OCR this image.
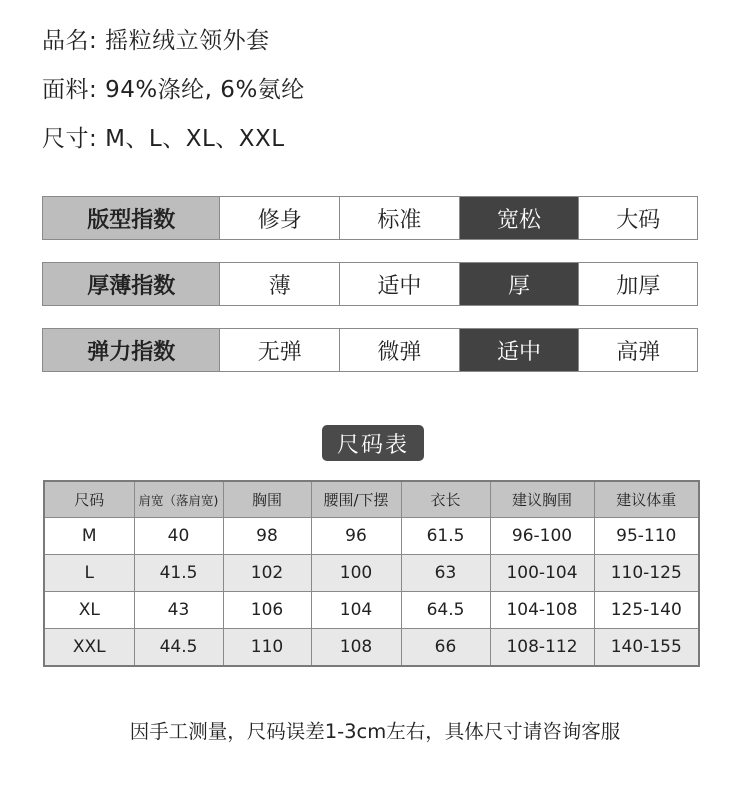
品名: 摇粒绒立领外套
面料: 94%涤纶, 6%氨纶
尺寸: M、L、XL、XXL
版型指数	修身	标准	宽松	大码
厚薄指数	薄	适中	厚	加厚
弹力指数	无弹	微弹	适中	高弹
尺码表
尺码	肩宽（落肩宽)	胸围	腰围/下摆	衣长	建议胸围	建议体重
M	40	98	96	61.5	96-100	95-110
L	41.5	102	100	63	100-104	110-125
XL	43	106	104	64.5	104-108	125-140
XXL	44.5	110	108	66	108-112	140-155
因手工测量，尺码误差1-3cm左右，具体尺寸请咨询客服
